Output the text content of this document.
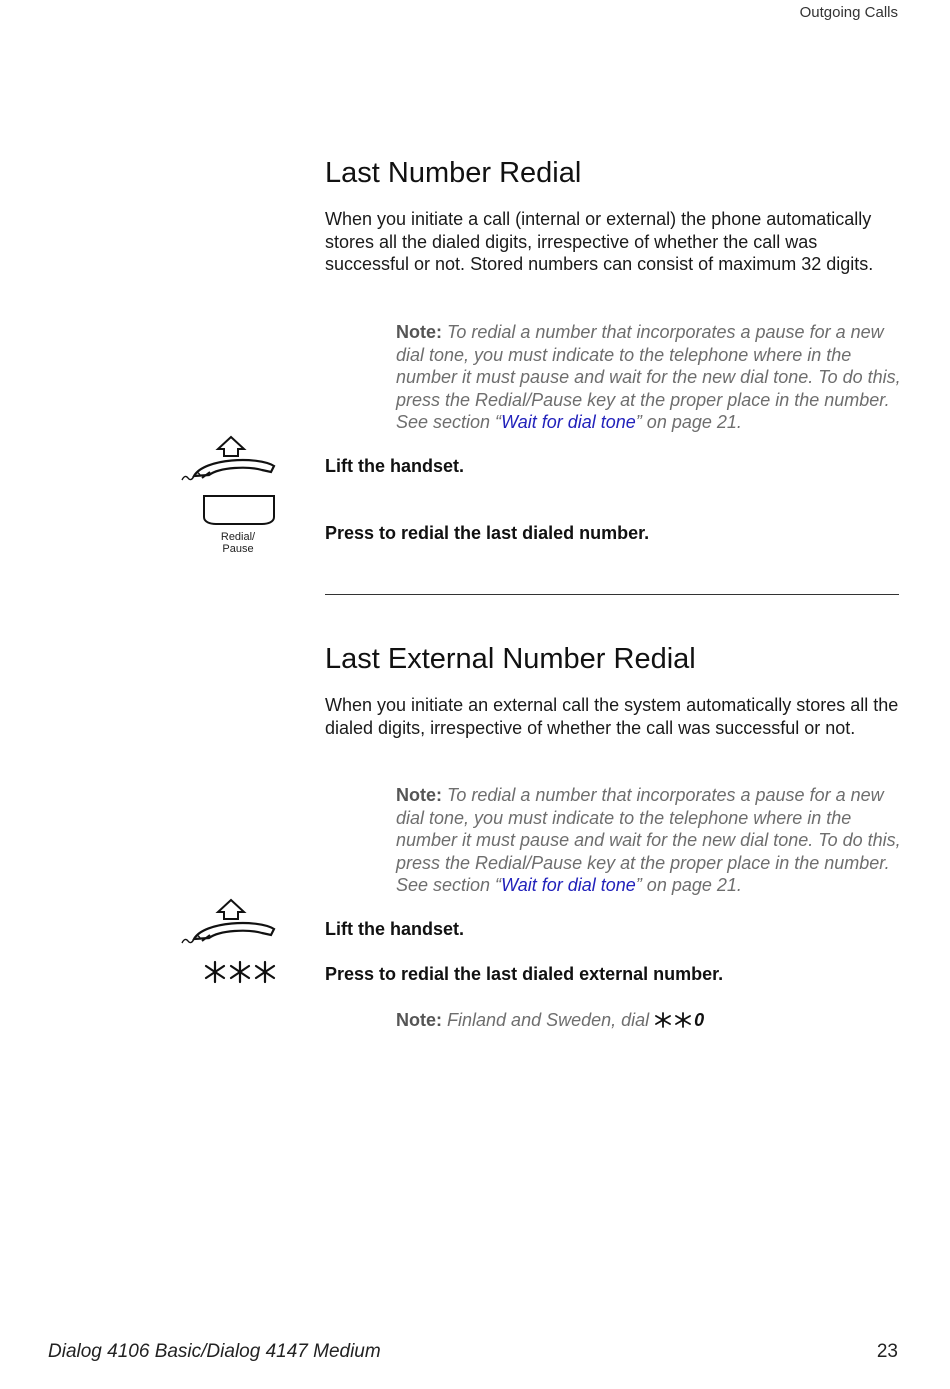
Outgoing Calls
Last Number Redial
When you initiate a call (internal or external) the phone automatically stores all the dialed digits, irrespective of whether the call was successful or not. Stored numbers can consist of maximum 32 digits.
Note: To redial a number that incorporates a pause for a new dial tone, you must indicate to the telephone where in the number it must pause and wait for the new dial tone. To do this, press the Redial/Pause key at the proper place in the number. See section “Wait for dial tone” on page 21.
Lift the handset.
Redial/
Pause
Press to redial the last dialed number.
Last External Number Redial
When you initiate an external call the system automatically stores all the dialed digits, irrespective of whether the call was successful or not.
Note: To redial a number that incorporates a pause for a new dial tone, you must indicate to the telephone where in the number it must pause and wait for the new dial tone. To do this, press the Redial/Pause key at the proper place in the number. See section “Wait for dial tone” on page 21.
Lift the handset.
Press to redial the last dialed external number.
Note: Finland and Sweden, dial	0
Dialog 4106 Basic/Dialog 4147 Medium	23
